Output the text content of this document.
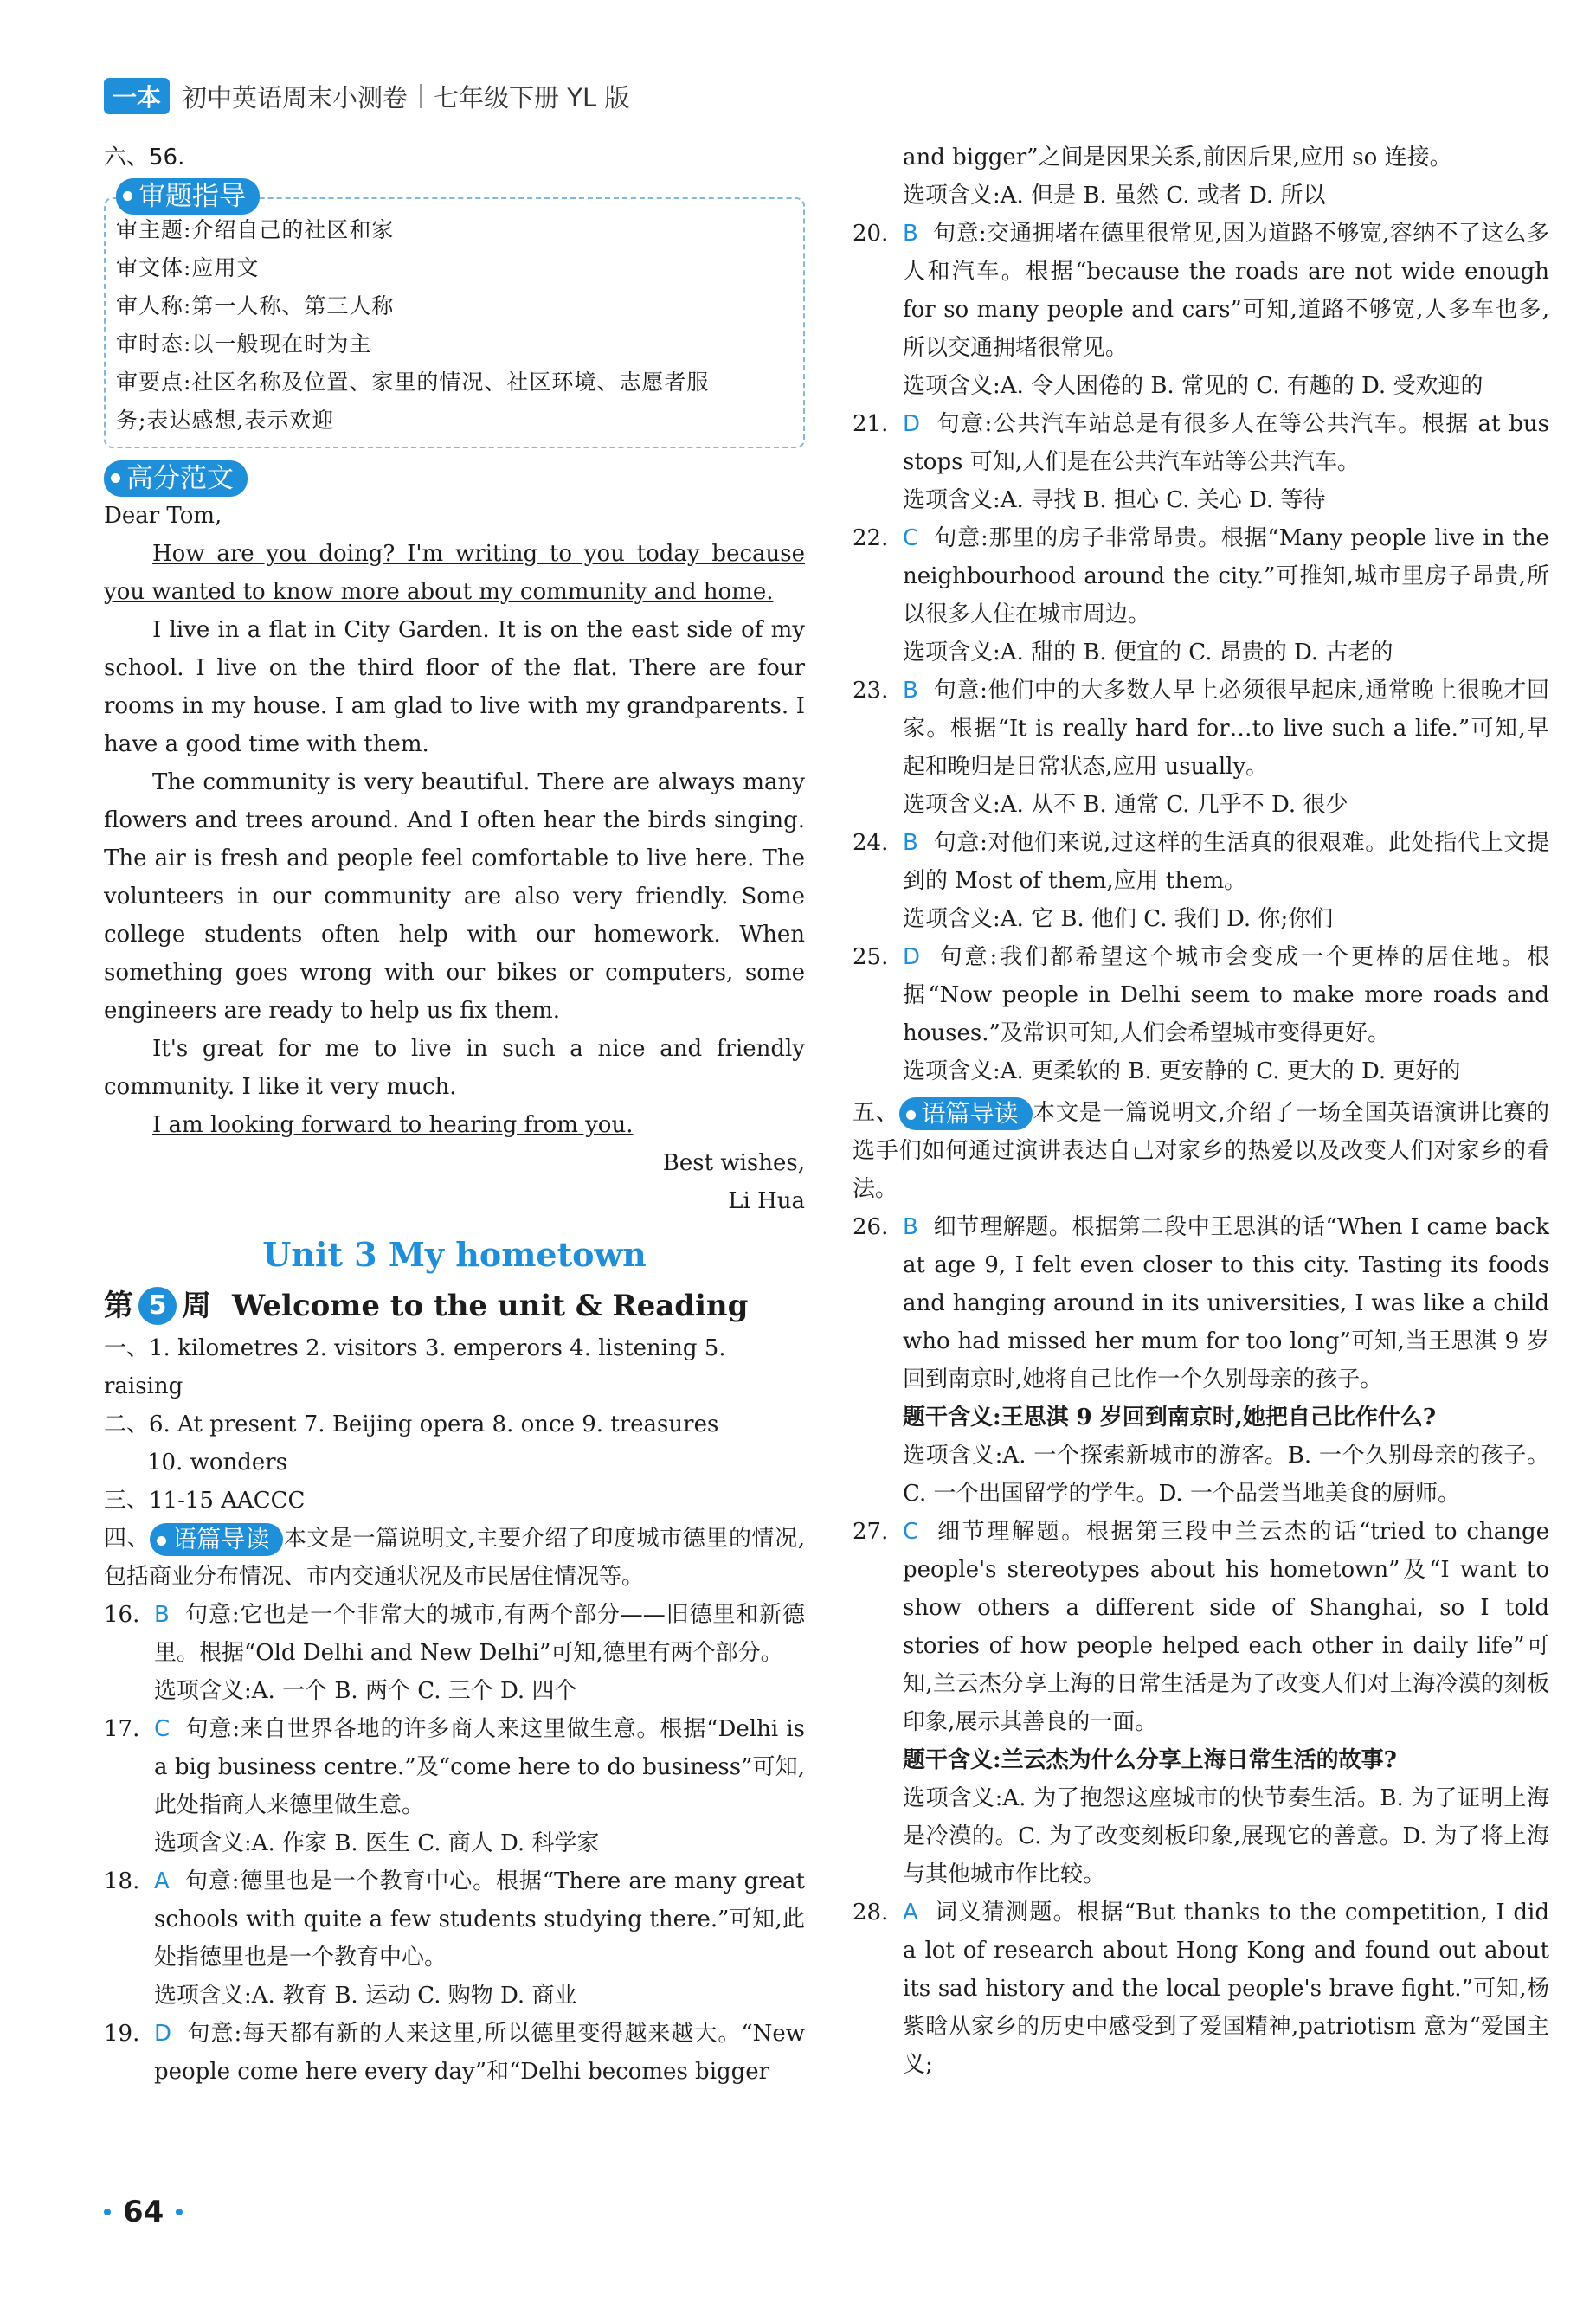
一本 初中英语周末小测卷 七年级下册 YL 版

六、56.

审题指导
审主题:介绍自己的社区和家
审文体:应用文
审人称:第一人称、第三人称
审时态:以一般现在时为主
审要点:社区名称及位置、家里的情况、社区环境、志愿者服
务;表达感想,表示欢迎
高分范文

Dear Tom,

How are you doing? I'm writing to you today because you wanted to know more about my community and home.

I live in a flat in City Garden. It is on the east side of my school. I live on the third floor of the flat. There are four rooms in my house. I am glad to live with my grandparents. I have a good time with them.

The community is very beautiful. There are always many flowers and trees around. And I often hear the birds singing. The air is fresh and people feel comfortable to live here. The volunteers in our community are also very friendly. Some college students often help with our homework. When something goes wrong with our bikes or computers, some engineers are ready to help us fix them.

It's great for me to live in such a nice and friendly community. I like it very much.

I am looking forward to hearing from you.

Best wishes,

Li Hua

Unit 3 My hometown
第 5 周 Welcome to the unit & Reading

一、1. kilometres 2. visitors 3. emperors 4. listening 5. raising

二、6. At present 7. Beijing opera 8. once 9. treasures

10. wonders

三、11-15 AACCC

四、 语篇导读 本文是一篇说明文,主要介绍了印度城市德里的情况,包括商业分布情况、市内交通状况及市民居住情况等。

16. B 句意:它也是一个非常大的城市,有两个部分——旧德里和新德里。根据“Old Delhi and New Delhi”可知,德里有两个部分。
选项含义:A. 一个 B. 两个 C. 三个 D. 四个
17. C 句意:来自世界各地的许多商人来这里做生意。根据“Delhi is a big business centre.”及“come here to do business”可知,此处指商人来德里做生意。
选项含义:A. 作家 B. 医生 C. 商人 D. 科学家
18. A 句意:德里也是一个教育中心。根据“There are many great schools with quite a few students studying there.”可知,此处指德里也是一个教育中心。
选项含义:A. 教育 B. 运动 C. 购物 D. 商业
19. D 句意:每天都有新的人来这里,所以德里变得越来越大。“New people come here every day”和“Delhi becomes bigger
and bigger”之间是因果关系,前因后果,应用 so 连接。
选项含义:A. 但是 B. 虽然 C. 或者 D. 所以
20. B 句意:交通拥堵在德里很常见,因为道路不够宽,容纳不了这么多人和汽车。根据“because the roads are not wide enough for so many people and cars”可知,道路不够宽,人多车也多,所以交通拥堵很常见。
选项含义:A. 令人困倦的 B. 常见的 C. 有趣的 D. 受欢迎的
21. D 句意:公共汽车站总是有很多人在等公共汽车。根据 at bus stops 可知,人们是在公共汽车站等公共汽车。
选项含义:A. 寻找 B. 担心 C. 关心 D. 等待
22. C 句意:那里的房子非常昂贵。根据“Many people live in the neighbourhood around the city.”可推知,城市里房子昂贵,所以很多人住在城市周边。
选项含义:A. 甜的 B. 便宜的 C. 昂贵的 D. 古老的
23. B 句意:他们中的大多数人早上必须很早起床,通常晚上很晚才回家。根据“It is really hard for…to live such a life.”可知,早起和晚归是日常状态,应用 usually。
选项含义:A. 从不 B. 通常 C. 几乎不 D. 很少
24. B 句意:对他们来说,过这样的生活真的很艰难。此处指代上文提到的 Most of them,应用 them。
选项含义:A. 它 B. 他们 C. 我们 D. 你;你们
25. D 句意:我们都希望这个城市会变成一个更棒的居住地。根据“Now people in Delhi seem to make more roads and houses.”及常识可知,人们会希望城市变得更好。
选项含义:A. 更柔软的 B. 更安静的 C. 更大的 D. 更好的

五、 语篇导读 本文是一篇说明文,介绍了一场全国英语演讲比赛的选手们如何通过演讲表达自己对家乡的热爱以及改变人们对家乡的看法。

26. B 细节理解题。根据第二段中王思淇的话“When I came back at age 9, I felt even closer to this city. Tasting its foods and hanging around in its universities, I was like a child who had missed her mum for too long”可知,当王思淇 9 岁回到南京时,她将自己比作一个久别母亲的孩子。
题干含义:王思淇 9 岁回到南京时,她把自己比作什么?
选项含义:A. 一个探索新城市的游客。B. 一个久别母亲的孩子。C. 一个出国留学的学生。D. 一个品尝当地美食的厨师。
27. C 细节理解题。根据第三段中兰云杰的话“tried to change people's stereotypes about his hometown”及“I want to show others a different side of Shanghai, so I told stories of how people helped each other in daily life”可知,兰云杰分享上海的日常生活是为了改变人们对上海冷漠的刻板印象,展示其善良的一面。
题干含义:兰云杰为什么分享上海日常生活的故事?
选项含义:A. 为了抱怨这座城市的快节奏生活。B. 为了证明上海是冷漠的。C. 为了改变刻板印象,展现它的善意。D. 为了将上海与其他城市作比较。
28. A 词义猜测题。根据“But thanks to the competition, I did a lot of research about Hong Kong and found out about its sad history and the local people's brave fight.”可知,杨紫晗从家乡的历史中感受到了爱国精神,patriotism 意为“爱国主义;
64
